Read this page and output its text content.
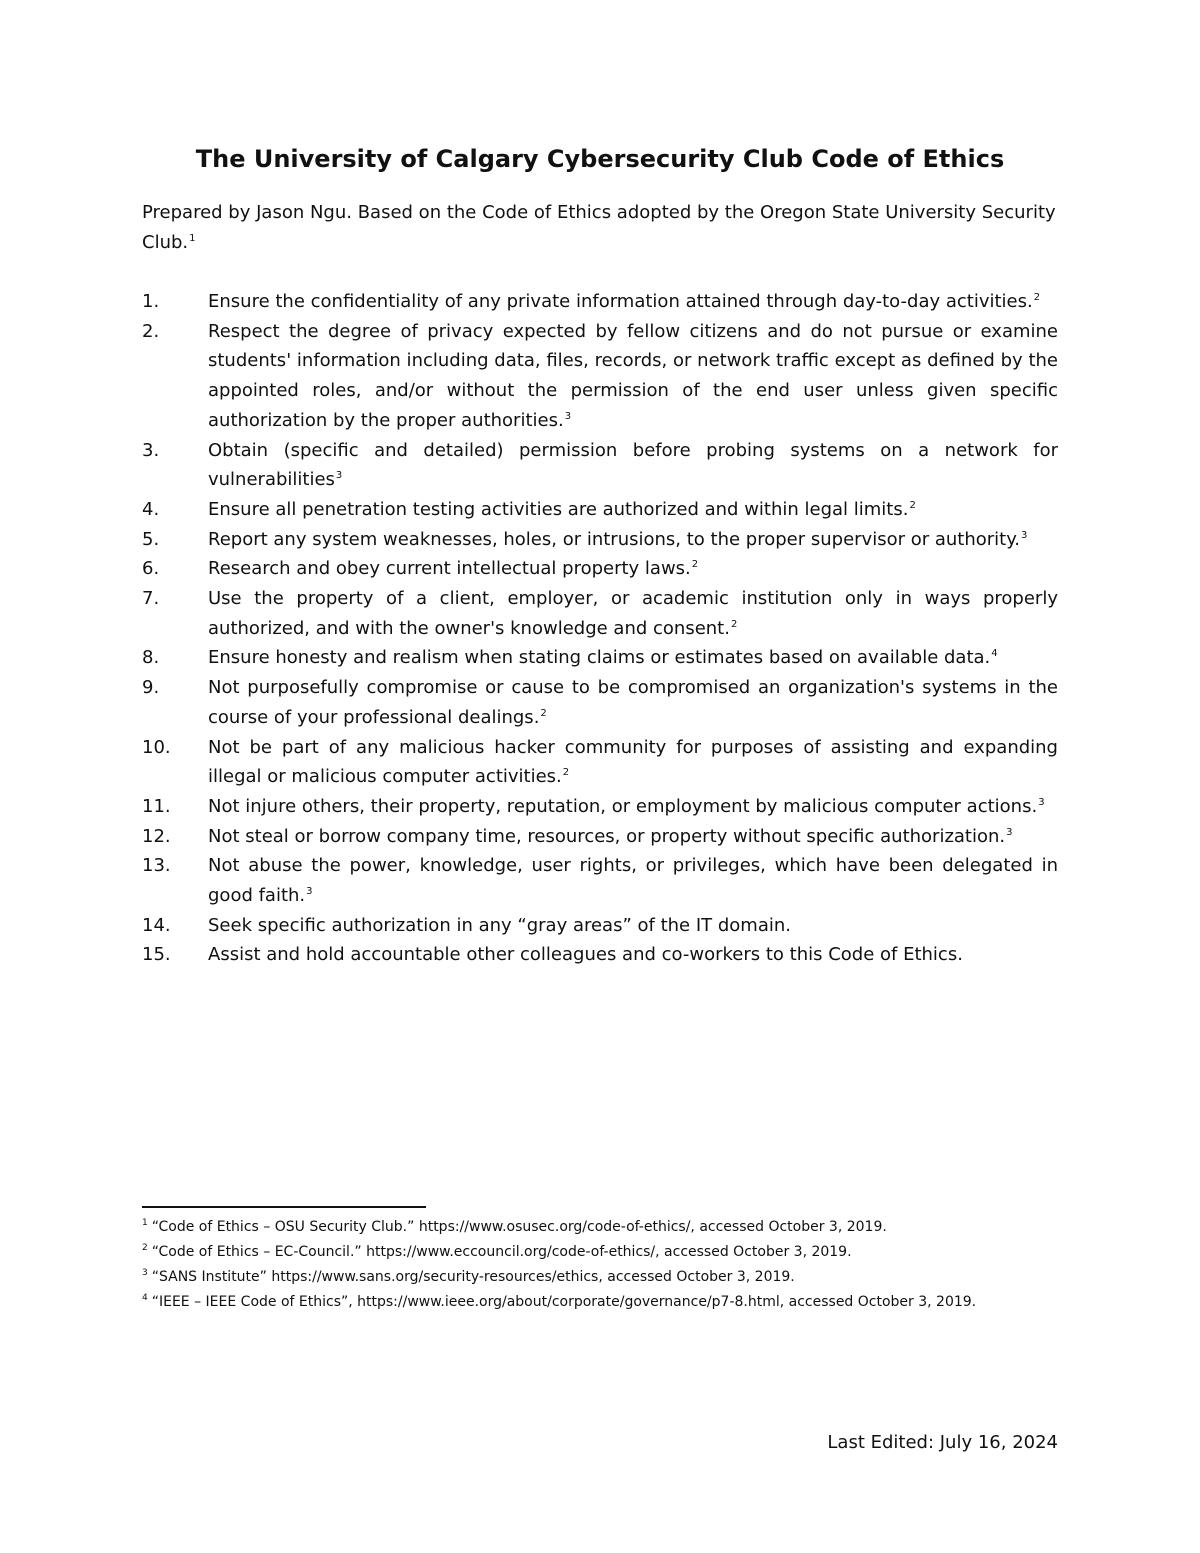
The University of Calgary Cybersecurity Club Code of Ethics

Prepared by Jason Ngu. Based on the Code of Ethics adopted by the Oregon State University Security Club.$^1$

1.	Ensure the confidentiality of any private information attained through day-to-day activities.$^2$
2.	Respect the degree of privacy expected by fellow citizens and do not pursue or examine students' information including data, files, records, or network traffic except as defined by the appointed roles, and/or without the permission of the end user unless given specific authorization by the proper authorities.$^3$
3.	Obtain (specific and detailed) permission before probing systems on a network for vulnerabilities$^3$
4.	Ensure all penetration testing activities are authorized and within legal limits.$^2$
5.	Report any system weaknesses, holes, or intrusions, to the proper supervisor or authority.$^3$
6.	Research and obey current intellectual property laws.$^2$
7.	Use the property of a client, employer, or academic institution only in ways properly authorized, and with the owner's knowledge and consent.$^2$
8.	Ensure honesty and realism when stating claims or estimates based on available data.$^4$
9.	Not purposefully compromise or cause to be compromised an organization's systems in the course of your professional dealings.$^2$
10.	Not be part of any malicious hacker community for purposes of assisting and expanding illegal or malicious computer activities.$^2$
11.	Not injure others, their property, reputation, or employment by malicious computer actions.$^3$
12.	Not steal or borrow company time, resources, or property without specific authorization.$^3$
13.	Not abuse the power, knowledge, user rights, or privileges, which have been delegated in good faith.$^3$
14.	Seek specific authorization in any “gray areas” of the IT domain.
15.	Assist and hold accountable other colleagues and co-workers to this Code of Ethics.
$^1$ “Code of Ethics – OSU Security Club.” https://www.osusec.org/code-of-ethics/, accessed October 3, 2019.
$^2$ “Code of Ethics – EC-Council.” https://www.eccouncil.org/code-of-ethics/, accessed October 3, 2019.
$^3$ “SANS Institute” https://www.sans.org/security-resources/ethics, accessed October 3, 2019.
$^4$ “IEEE – IEEE Code of Ethics”, https://www.ieee.org/about/corporate/governance/p7-8.html, accessed October 3, 2019.

Last Edited: July 16, 2024
